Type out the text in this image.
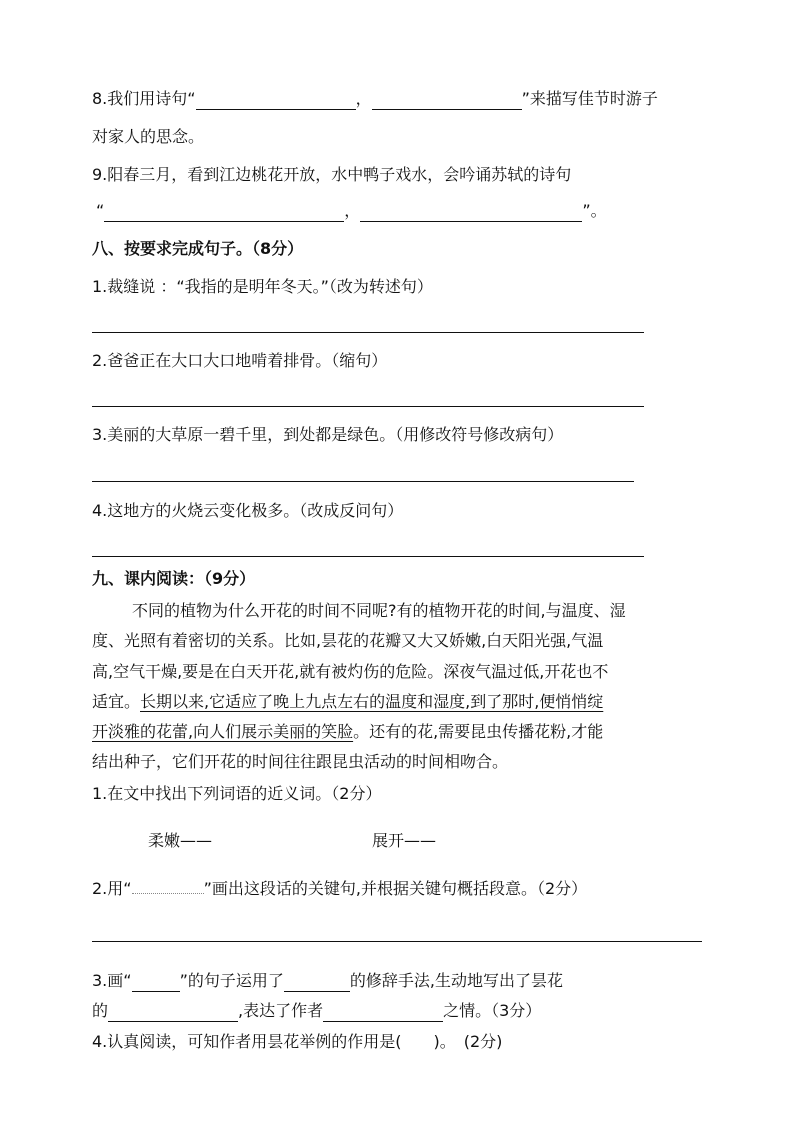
8.我们用诗句“	，	”来描写佳节时游子
对家人的思念。
9.阳春三月，看到江边桃花开放，水中鸭子戏水，会吟诵苏轼的诗句
“	，	”。
八、按要求完成句子。（8分）
1.裁缝说 ：“我指的是明年冬天。”（改为转述句）
2.爸爸正在大口大口地啃着排骨。（缩句）
3.美丽的大草原一碧千里，到处都是绿色。（用修改符号修改病句）
4.这地方的火烧云变化极多。（改成反问句）
九、课内阅读：（9分）
不同的植物为什么开花的时间不同呢?有的植物开花的时间,与温度、湿
度、光照有着密切的关系。比如,昙花的花瓣又大又娇嫩,白天阳光强,气温
高,空气干燥,要是在白天开花,就有被灼伤的危险。深夜气温过低,开花也不
适宜。长期以来,它适应了晚上九点左右的温度和湿度,到了那时,便悄悄绽
开淡雅的花蕾,向人们展示美丽的笑脸。还有的花,需要昆虫传播花粉,才能
结出种子，它们开花的时间往往跟昆虫活动的时间相吻合。
1.在文中找出下列词语的近义词。（2分）
柔嫩——	展开——
2.用“	”画出这段话的关键句,并根据关键句概括段意。（2分）
3.画“	”的句子运用了	的修辞手法,生动地写出了昙花
的	,表达了作者	之情。（3分）
4.认真阅读，可知作者用昙花举例的作用是(　　)。　(2分)
